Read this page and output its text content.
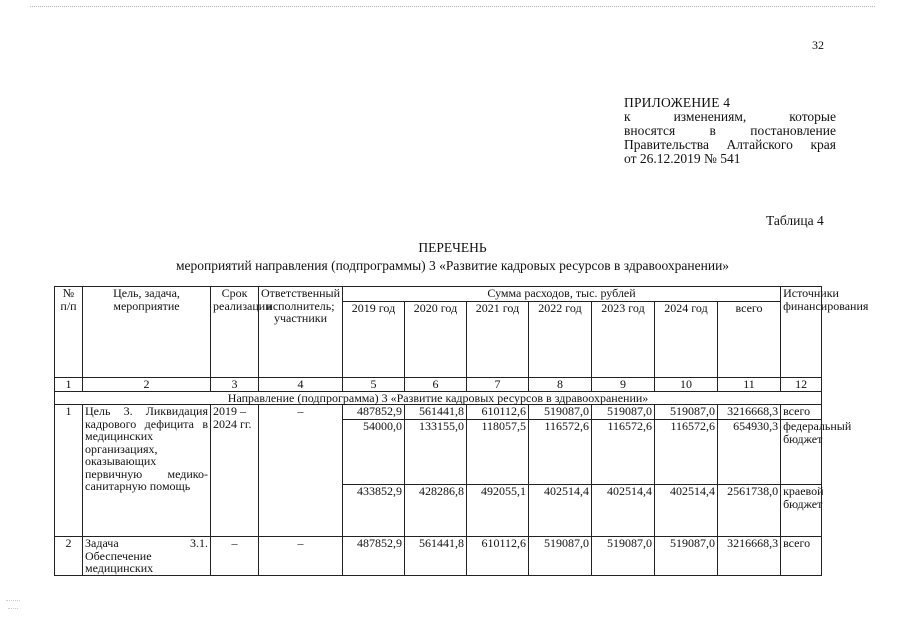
32
ПРИЛОЖЕНИЕ 4
к изменениям, которые
вносятся в постановление
Правительства Алтайского края
от 26.12.2019 № 541
Таблица 4
ПЕРЕЧЕНЬ
мероприятий направления (подпрограммы) 3 «Развитие кадровых ресурсов в здравоохранении»
№ п/п	Цель, задача, мероприятие	Срок реализации	Ответственный исполнитель; участники	Сумма расходов, тыс. рублей							Источники финансирования
				2019 год	2020 год	2021 год	2022 год	2023 год	2024 год	всего	
1	2	3	4	5	6	7	8	9	10	11	12
Направление (подпрограмма) 3 «Развитие кадровых ресурсов в здравоохранении»											
1	Цель 3. Ликвидация кадрового дефицита в медицинских организациях, оказывающих первичную медико-санитарную помощь	2019 – 2024 гг.	–	487852,9	561441,8	610112,6	519087,0	519087,0	519087,0	3216668,3	всего
				54000,0	133155,0	118057,5	116572,6	116572,6	116572,6	654930,3	федеральный бюджет
				433852,9	428286,8	492055,1	402514,4	402514,4	402514,4	2561738,0	краевой бюджет
2	Задача 3.1. Обеспечение медицинских	–	–	487852,9	561441,8	610112,6	519087,0	519087,0	519087,0	3216668,3	всего
